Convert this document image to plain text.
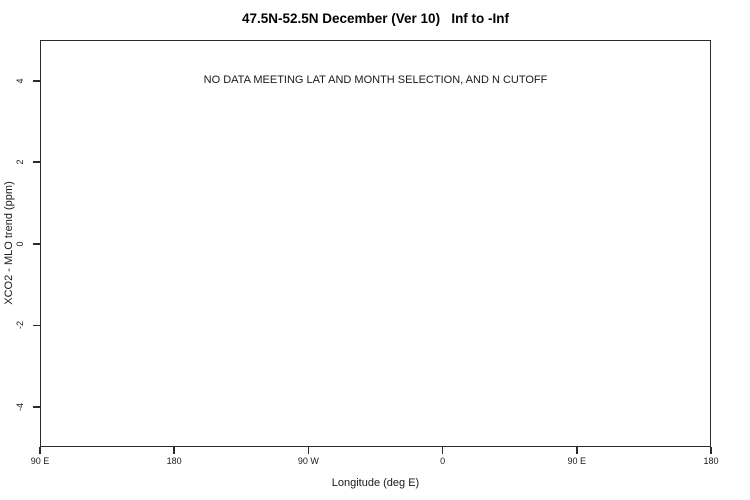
47.5N-52.5N December (Ver 10)   Inf to -Inf
NO DATA MEETING LAT AND MONTH SELECTION, AND N CUTOFF
90 E	180	90 W	0	90 E	180
4
2
0
-2
-4
Longitude (deg E)
XCO2 - MLO trend (ppm)
